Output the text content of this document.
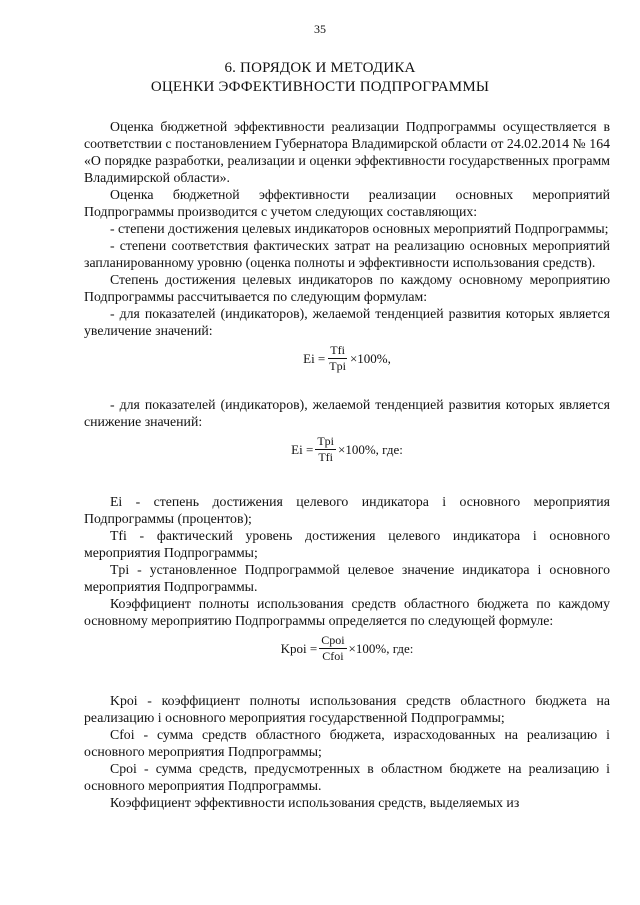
35
6. ПОРЯДОК И МЕТОДИКА
ОЦЕНКИ ЭФФЕКТИВНОСТИ ПОДПРОГРАММЫ

Оценка бюджетной эффективности реализации Подпрограммы осуществляется в соответствии с постановлением Губернатора Владимирской области от 24.02.2014 № 164 «О порядке разработки, реализации и оценки эффективности государственных программ Владимирской области».

Оценка бюджетной эффективности реализации основных мероприятий Подпрограммы производится с учетом следующих составляющих:

- степени достижения целевых индикаторов основных мероприятий Подпрограммы;

- степени соответствия фактических затрат на реализацию основных мероприятий запланированному уровню (оценка полноты и эффективности использования средств).

Степень достижения целевых индикаторов по каждому основному мероприятию Подпрограммы рассчитывается по следующим формулам:

- для показателей (индикаторов), желаемой тенденцией развития которых является увеличение значений:

$Ei = \frac{\text{Tfi}}{\text{Tpi}} \times 100\%$,

- для показателей (индикаторов), желаемой тенденцией развития которых является снижение значений:

$Ei = \frac{\text{Tpi}}{\text{Tfi}} \times 100\%$, где:

Ei - степень достижения целевого индикатора i основного мероприятия Подпрограммы (процентов);

Tfi - фактический уровень достижения целевого индикатора i основного мероприятия Подпрограммы;

Tpi - установленное Подпрограммой целевое значение индикатора i основного мероприятия Подпрограммы.

Коэффициент полноты использования средств областного бюджета по каждому основному мероприятию Подпрограммы определяется по следующей формуле:

Kpoi = $\frac{\text{Cpoi}}{\text{Cfoi}} \times 100\%$, где:

Kpoi - коэффициент полноты использования средств областного бюджета на реализацию i основного мероприятия государственной Подпрограммы;

Cfoi - сумма средств областного бюджета, израсходованных на реализацию i основного мероприятия Подпрограммы;

Cpoi - сумма средств, предусмотренных в областном бюджете на реализацию i основного мероприятия Подпрограммы.

Коэффициент эффективности использования средств, выделяемых из
